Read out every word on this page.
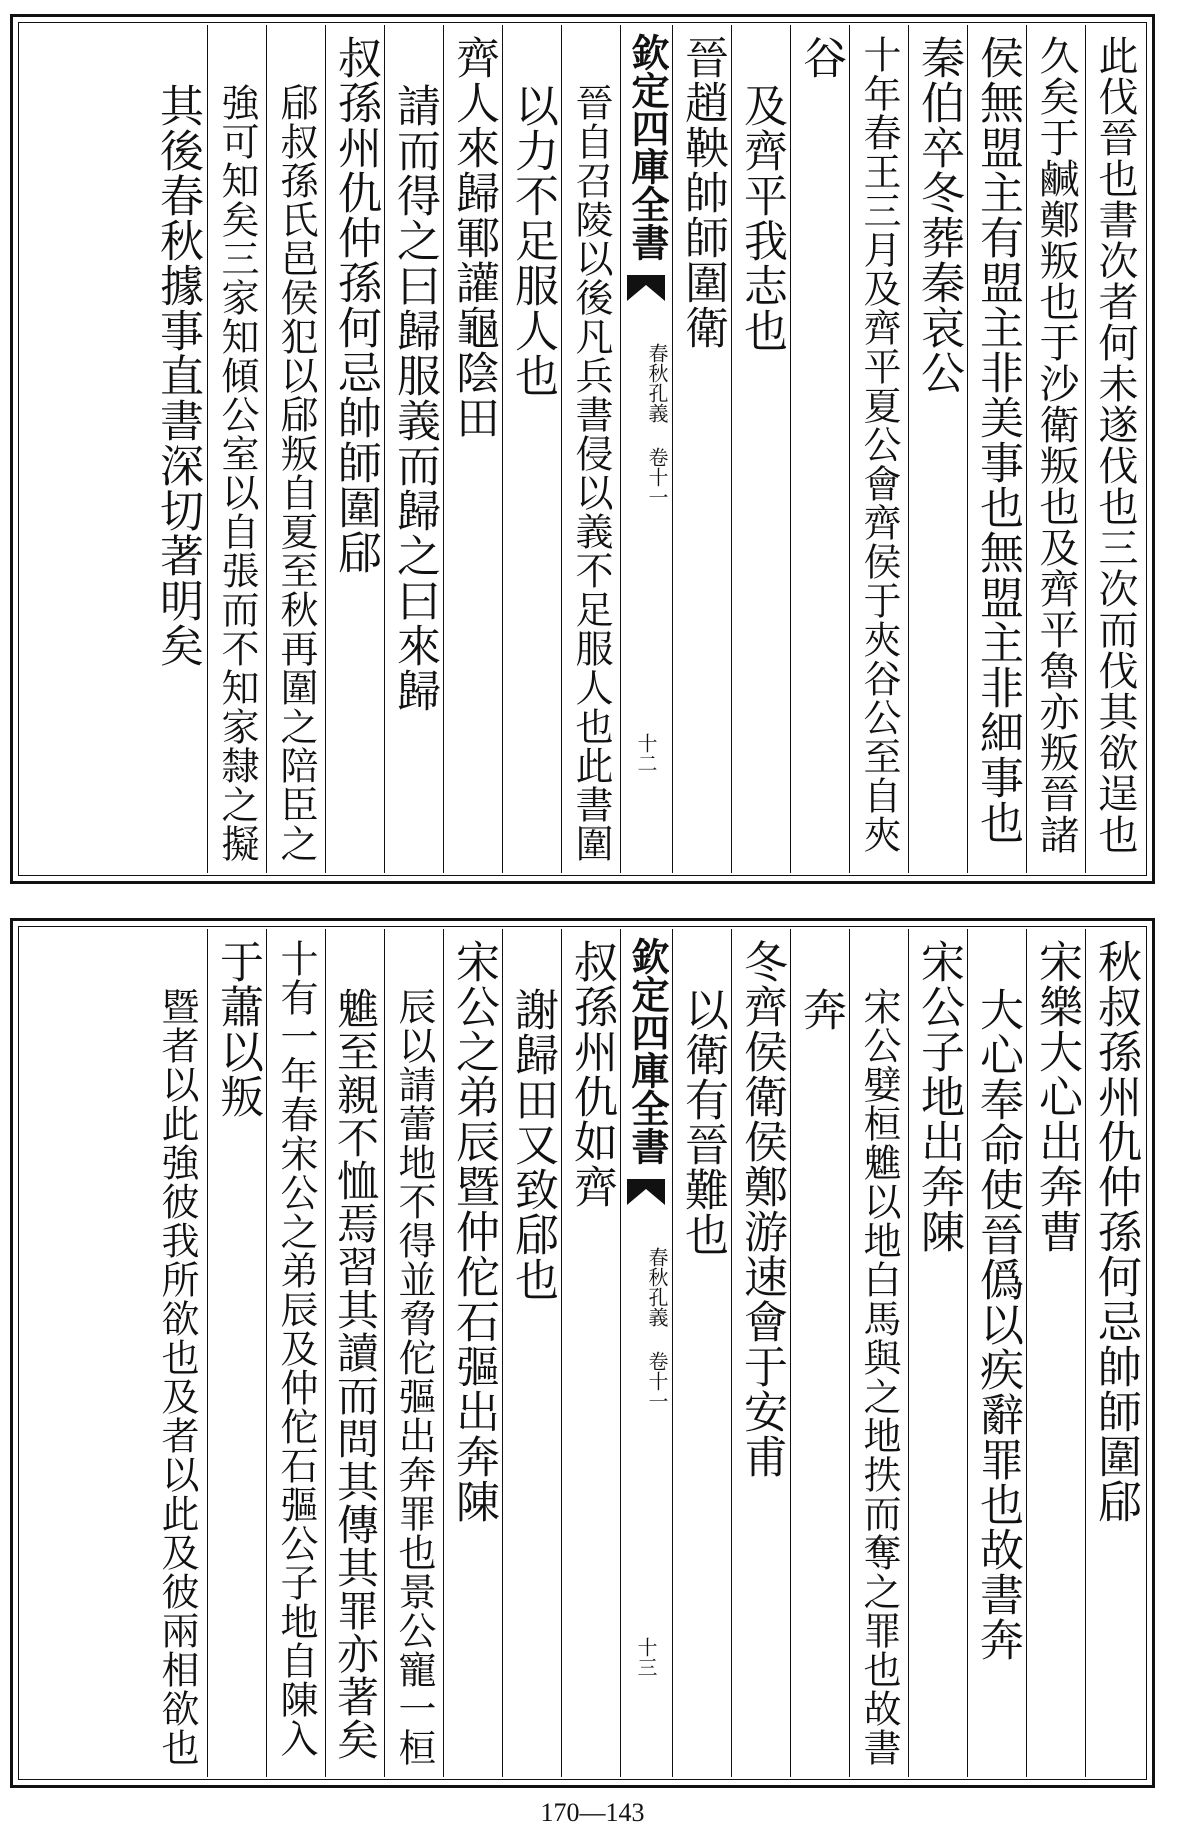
此伐晉也書次者何未遂伐也三次而伐其欲逞也
久矣于鹹鄭叛也于沙衛叛也及齊平魯亦叛晉諸
侯無盟主有盟主非美事也無盟主非細事也
秦伯卒冬葬秦哀公
十年春王三月及齊平夏公會齊侯于夾谷公至自夾
谷
及齊平我志也
晉趙鞅帥師圍衛
欽定四庫全書
春秋孔義 卷十一
十二
晉自召陵以後凡兵書侵以義不足服人也此書圍
以力不足服人也
齊人來歸鄆讙龜陰田
請而得之曰歸服義而歸之曰來歸
叔孫州仇仲孫何忌帥師圍郈
郈叔孫氏邑侯犯以郈叛自夏至秋再圍之陪臣之
強可知矣三家知傾公室以自張而不知家隸之擬
其後春秋據事直書深切著明矣
秋叔孫州仇仲孫何忌帥師圍郈
宋樂大心出奔曹
大心奉命使晉僞以疾辭罪也故書奔
宋公子地出奔陳
宋公嬖桓魋以地白馬與之地抶而奪之罪也故書
奔
冬齊侯衛侯鄭游速會于安甫
以衛有晉難也
欽定四庫全書
春秋孔義 卷十一
十三
叔孫州仇如齊
謝歸田又致郈也
宋公之弟辰暨仲佗石彄出奔陳
辰以請蕾地不得並脅佗彄出奔罪也景公寵一桓
魋至親不恤焉習其讀而問其傳其罪亦著矣
十有一年春宋公之弟辰及仲佗石彄公子地自陳入
于蕭以叛
暨者以此強彼我所欲也及者以此及彼兩相欲也
170—143
